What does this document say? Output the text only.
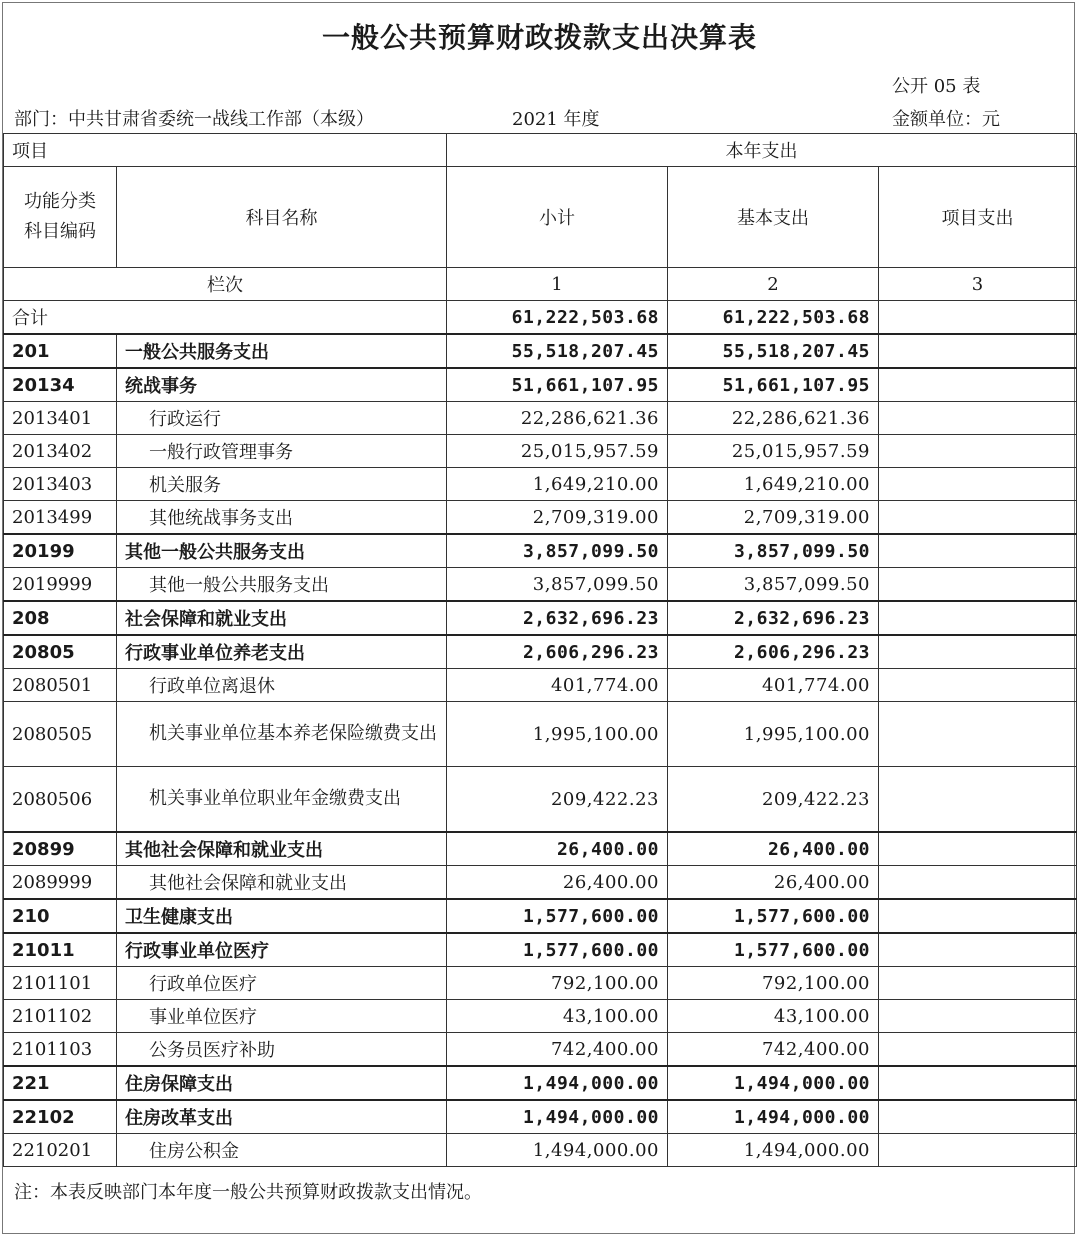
一般公共预算财政拨款支出决算表
公开 05 表
部门：中共甘肃省委统一战线工作部（本级）	2021 年度	金额单位：元
项目		本年支出		
功能分类
科目编码	科目名称	小计	基本支出	项目支出
栏次		1	2	3
合计		61,222,503.68	61,222,503.68	
201	一般公共服务支出	55,518,207.45	55,518,207.45	
20134	统战事务	51,661,107.95	51,661,107.95	
2013401	行政运行	22,286,621.36	22,286,621.36	
2013402	一般行政管理事务	25,015,957.59	25,015,957.59	
2013403	机关服务	1,649,210.00	1,649,210.00	
2013499	其他统战事务支出	2,709,319.00	2,709,319.00	
20199	其他一般公共服务支出	3,857,099.50	3,857,099.50	
2019999	其他一般公共服务支出	3,857,099.50	3,857,099.50	
208	社会保障和就业支出	2,632,696.23	2,632,696.23	
20805	行政事业单位养老支出	2,606,296.23	2,606,296.23	
2080501	行政单位离退休	401,774.00	401,774.00	
2080505	机关事业单位基本养老保险缴费支出	1,995,100.00	1,995,100.00	
2080506	机关事业单位职业年金缴费支出	209,422.23	209,422.23	
20899	其他社会保障和就业支出	26,400.00	26,400.00	
2089999	其他社会保障和就业支出	26,400.00	26,400.00	
210	卫生健康支出	1,577,600.00	1,577,600.00	
21011	行政事业单位医疗	1,577,600.00	1,577,600.00	
2101101	行政单位医疗	792,100.00	792,100.00	
2101102	事业单位医疗	43,100.00	43,100.00	
2101103	公务员医疗补助	742,400.00	742,400.00	
221	住房保障支出	1,494,000.00	1,494,000.00	
22102	住房改革支出	1,494,000.00	1,494,000.00	
2210201	住房公积金	1,494,000.00	1,494,000.00	
注：本表反映部门本年度一般公共预算财政拨款支出情况。
